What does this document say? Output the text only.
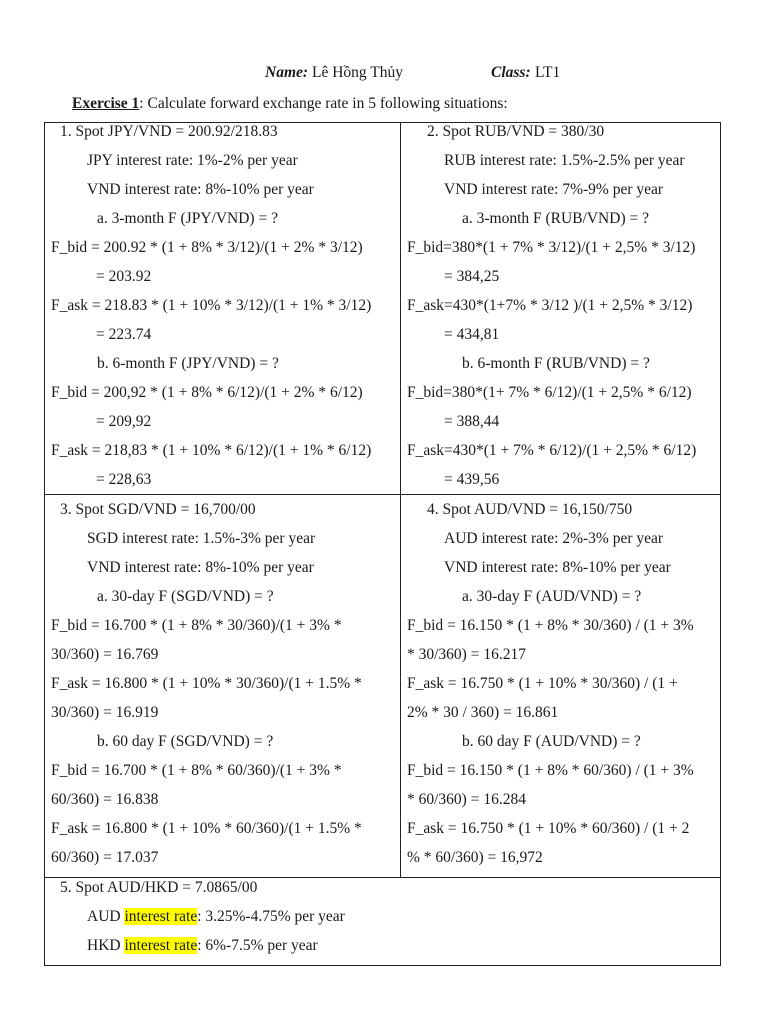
Name: Lê Hồng Thủy	Class: LT1
Exercise 1: Calculate forward exchange rate in 5 following situations:
1. Spot JPY/VND = 200.92/218.83
JPY interest rate: 1%-2% per year
VND interest rate: 8%-10% per year
a. 3-month F (JPY/VND) = ?
F_bid = 200.92 * (1 + 8% * 3/12)/(1 + 2% * 3/12)
= 203.92
F_ask = 218.83 * (1 + 10% * 3/12)/(1 + 1% * 3/12)
= 223.74
b. 6-month F (JPY/VND) = ?
F_bid = 200,92 * (1 + 8% * 6/12)/(1 + 2% * 6/12)
= 209,92
F_ask = 218,83 * (1 + 10% * 6/12)/(1 + 1% * 6/12)
= 228,63
2. Spot RUB/VND = 380/30
RUB interest rate: 1.5%-2.5% per year
VND interest rate: 7%-9% per year
a. 3-month F (RUB/VND) = ?
F_bid=380*(1 + 7% * 3/12)/(1 + 2,5% * 3/12)
= 384,25
F_ask=430*(1+7% * 3/12 )/(1 + 2,5% * 3/12)
= 434,81
b. 6-month F (RUB/VND) = ?
F_bid=380*(1+ 7% * 6/12)/(1 + 2,5% * 6/12)
= 388,44
F_ask=430*(1 + 7% * 6/12)/(1 + 2,5% * 6/12)
= 439,56
3. Spot SGD/VND = 16,700/00
SGD interest rate: 1.5%-3% per year
VND interest rate: 8%-10% per year
a. 30-day F (SGD/VND) = ?
F_bid = 16.700 * (1 + 8% * 30/360)/(1 + 3% *
30/360) = 16.769
F_ask = 16.800 * (1 + 10% * 30/360)/(1 + 1.5% *
30/360) = 16.919
b. 60 day F (SGD/VND) = ?
F_bid = 16.700 * (1 + 8% * 60/360)/(1 + 3% *
60/360) = 16.838
F_ask = 16.800 * (1 + 10% * 60/360)/(1 + 1.5% *
60/360) = 17.037
4. Spot AUD/VND = 16,150/750
AUD interest rate: 2%-3% per year
VND interest rate: 8%-10% per year
a. 30-day F (AUD/VND) = ?
F_bid = 16.150 * (1 + 8% * 30/360) / (1 + 3%
* 30/360) = 16.217
F_ask = 16.750 * (1 + 10% * 30/360) / (1 +
2% * 30 / 360) = 16.861
b. 60 day F (AUD/VND) = ?
F_bid = 16.150 * (1 + 8% * 60/360) / (1 + 3%
* 60/360) = 16.284
F_ask = 16.750 * (1 + 10% * 60/360) / (1 + 2
% * 60/360) = 16,972
5. Spot AUD/HKD = 7.0865/00
AUD interest rate: 3.25%-4.75% per year
HKD interest rate: 6%-7.5% per year
